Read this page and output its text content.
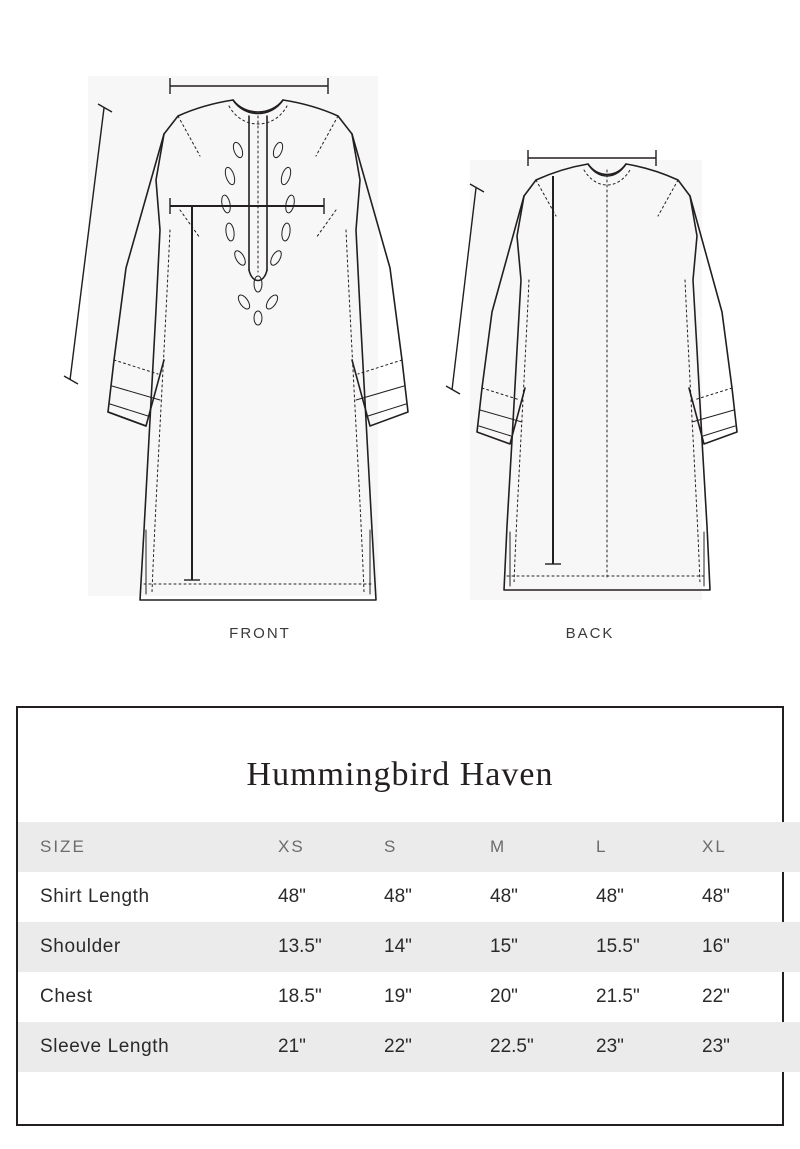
FRONT	BACK
Hummingbird Haven
SIZE	XS	S	M	L	XL
Shirt Length	48"	48"	48"	48"	48"
Shoulder	13.5"	14"	15"	15.5"	16"
Chest	18.5"	19"	20"	21.5"	22"
Sleeve Length	21"	22"	22.5"	23"	23"
